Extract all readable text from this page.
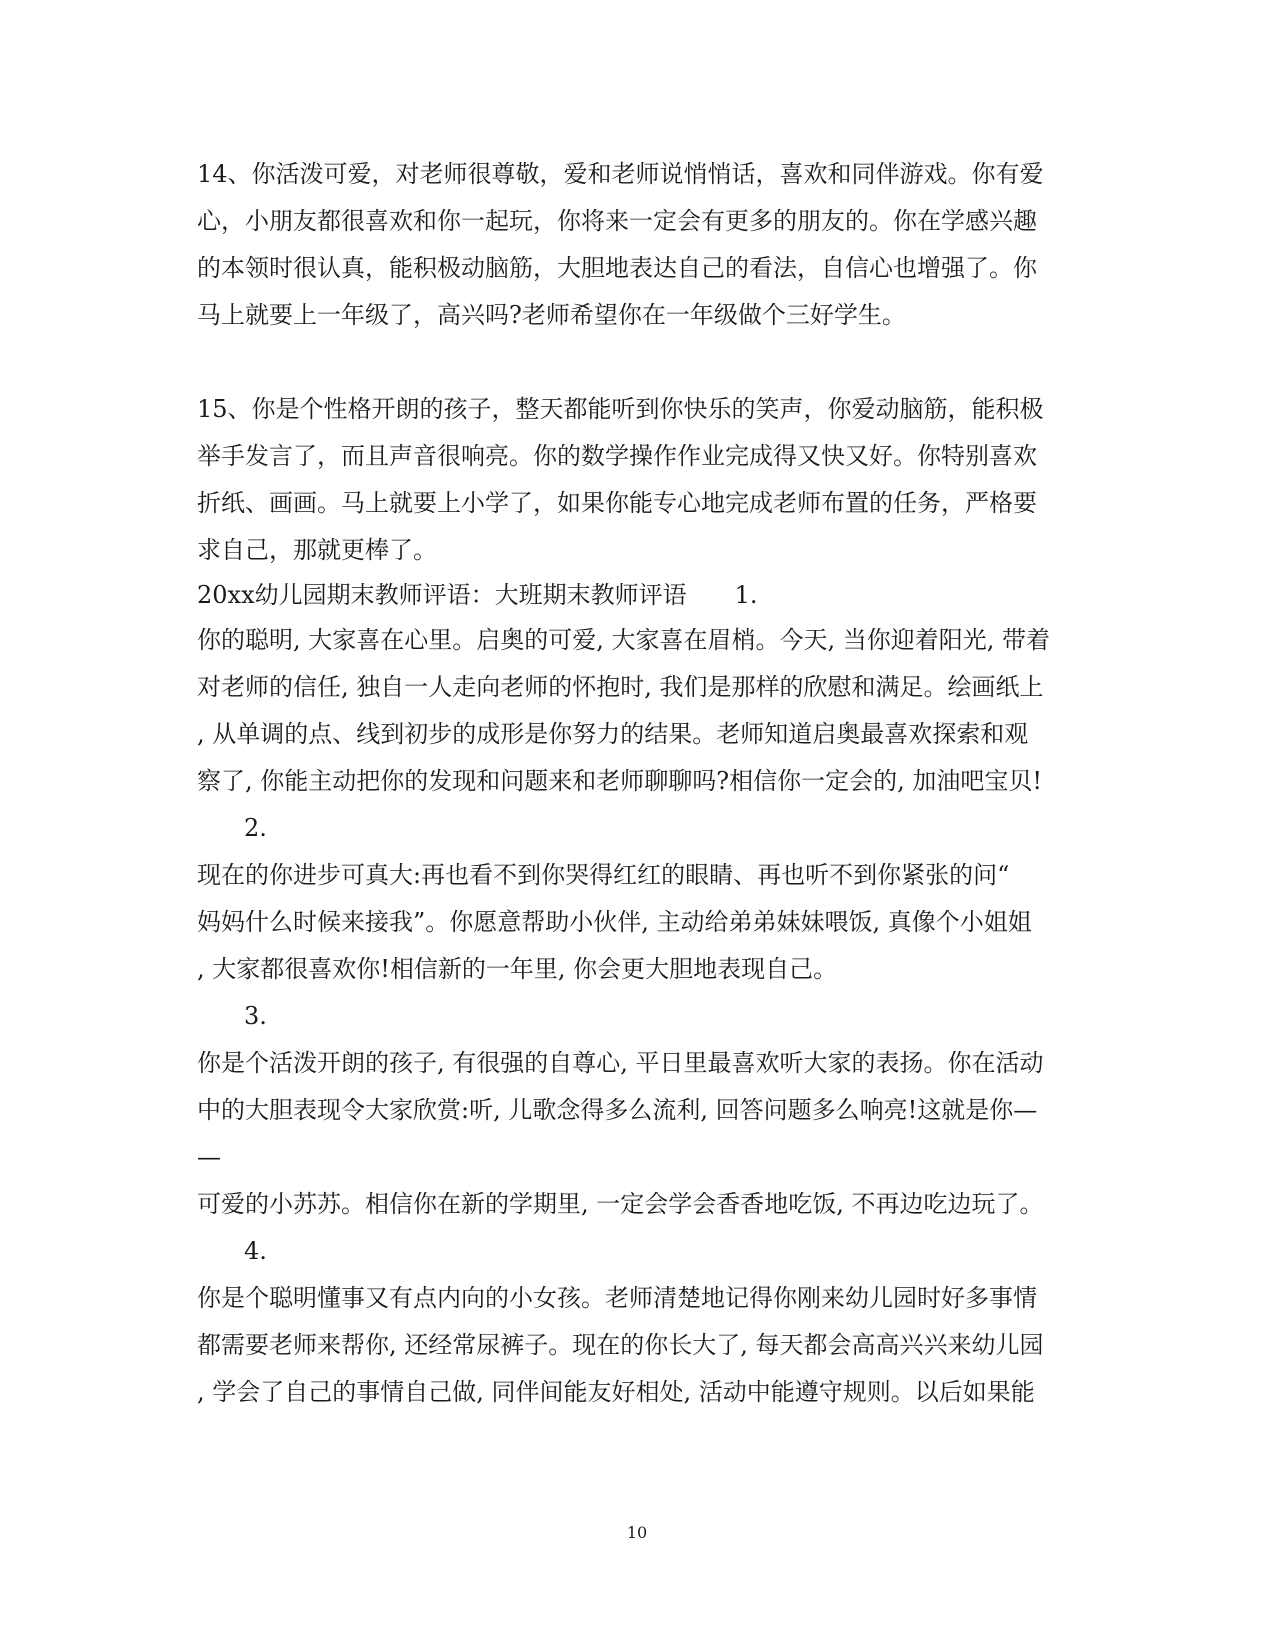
14、你活泼可爱，对老师很尊敬，爱和老师说悄悄话，喜欢和同伴游戏。你有爱
心，小朋友都很喜欢和你一起玩，你将来一定会有更多的朋友的。你在学感兴趣
的本领时很认真，能积极动脑筋，大胆地表达自己的看法，自信心也增强了。你
马上就要上一年级了，高兴吗?老师希望你在一年级做个三好学生。
15、你是个性格开朗的孩子，整天都能听到你快乐的笑声，你爱动脑筋，能积极
举手发言了，而且声音很响亮。你的数学操作作业完成得又快又好。你特别喜欢
折纸、画画。马上就要上小学了，如果你能专心地完成老师布置的任务，严格要
求自己，那就更棒了。
20xx幼儿园期末教师评语：大班期末教师评语　　1.
你的聪明, 大家喜在心里。启奥的可爱, 大家喜在眉梢。今天, 当你迎着阳光, 带着
对老师的信任, 独自一人走向老师的怀抱时, 我们是那样的欣慰和满足。绘画纸上
, 从单调的点、线到初步的成形是你努力的结果。老师知道启奥最喜欢探索和观
察了, 你能主动把你的发现和问题来和老师聊聊吗?相信你一定会的, 加油吧宝贝!
2.
现在的你进步可真大:再也看不到你哭得红红的眼睛、再也听不到你紧张的问“
妈妈什么时候来接我”。你愿意帮助小伙伴, 主动给弟弟妹妹喂饭, 真像个小姐姐
, 大家都很喜欢你!相信新的一年里, 你会更大胆地表现自己。
3.
你是个活泼开朗的孩子, 有很强的自尊心, 平日里最喜欢听大家的表扬。你在活动
中的大胆表现令大家欣赏:听, 儿歌念得多么流利, 回答问题多么响亮!这就是你—
—
可爱的小苏苏。相信你在新的学期里, 一定会学会香香地吃饭, 不再边吃边玩了。
4.
你是个聪明懂事又有点内向的小女孩。老师清楚地记得你刚来幼儿园时好多事情
都需要老师来帮你, 还经常尿裤子。现在的你长大了, 每天都会高高兴兴来幼儿园
, 学会了自己的事情自己做, 同伴间能友好相处, 活动中能遵守规则。以后如果能
10
